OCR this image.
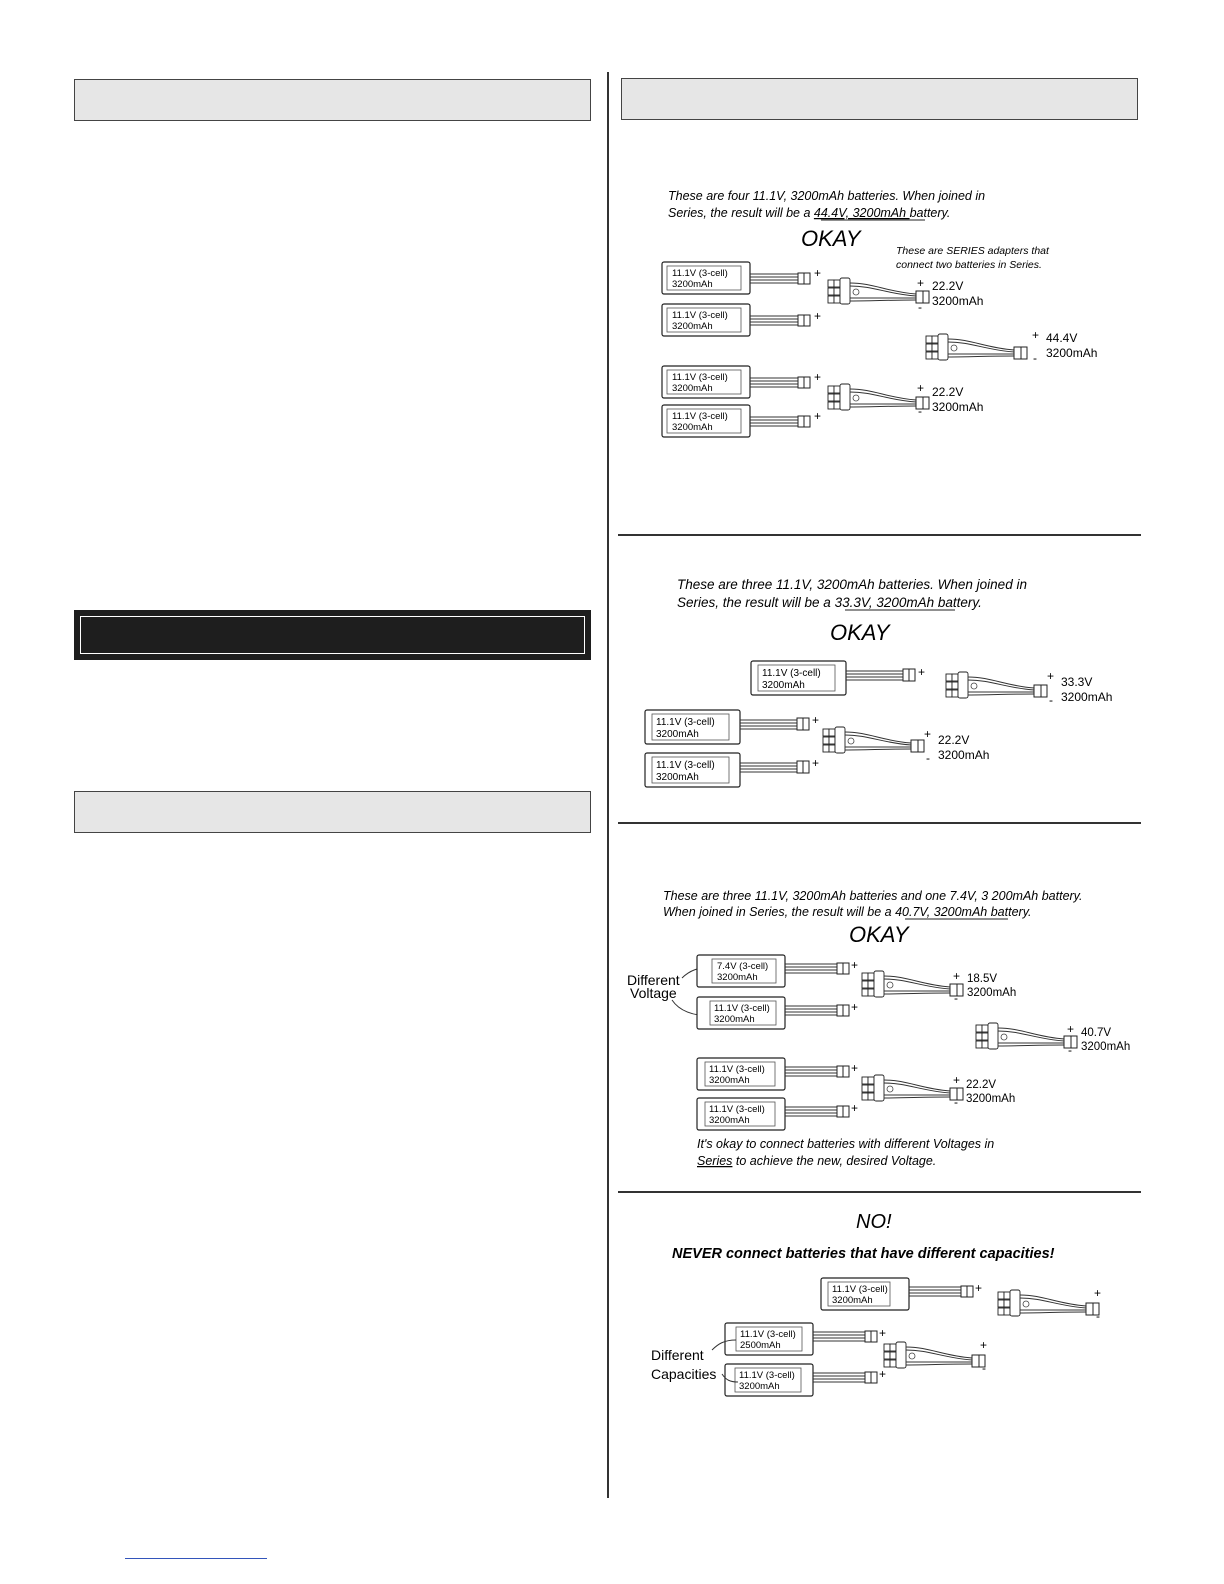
These are four 11.1V, 3200mAh batteries. When joined in
Series, the result will be a 44.4V, 3200mAh battery.
OKAY	These are SERIES adapters that
connect two batteries in Series.
11.1V (3-cell)
3200mAh
11.1V (3-cell)
3200mAh
11.1V (3-cell)
3200mAh
11.1V (3-cell)
3200mAh
+
+
+
+
+
-
22.2V
3200mAh
+
-
44.4V
3200mAh
+
-
22.2V
3200mAh
These are three 11.1V, 3200mAh batteries. When joined in
Series, the result will be a 33.3V, 3200mAh battery.
OKAY
11.1V (3-cell)
3200mAh
11.1V (3-cell)
3200mAh
11.1V (3-cell)
3200mAh
+
+
+
+
-
33.3V
3200mAh
+
-
22.2V
3200mAh
These are three 11.1V, 3200mAh batteries and one 7.4V, 3 200mAh battery.
When joined in Series, the result will be a 40.7V, 3200mAh battery.
OKAY
Different
Voltage
7.4V (3-cell)
3200mAh
11.1V (3-cell)
3200mAh
11.1V (3-cell)
3200mAh
11.1V (3-cell)
3200mAh
+
+
+
+
+
-
18.5V
3200mAh
+
-
40.7V
3200mAh
+
-
22.2V
3200mAh
It's okay to connect batteries with different Voltages in
Series to achieve the new, desired Voltage.
NO!
NEVER connect batteries that have different capacities!
11.1V (3-cell)
3200mAh
11.1V (3-cell)
2500mAh
11.1V (3-cell)
3200mAh
+
+
+
Different
Capacities
+
-
+
-
